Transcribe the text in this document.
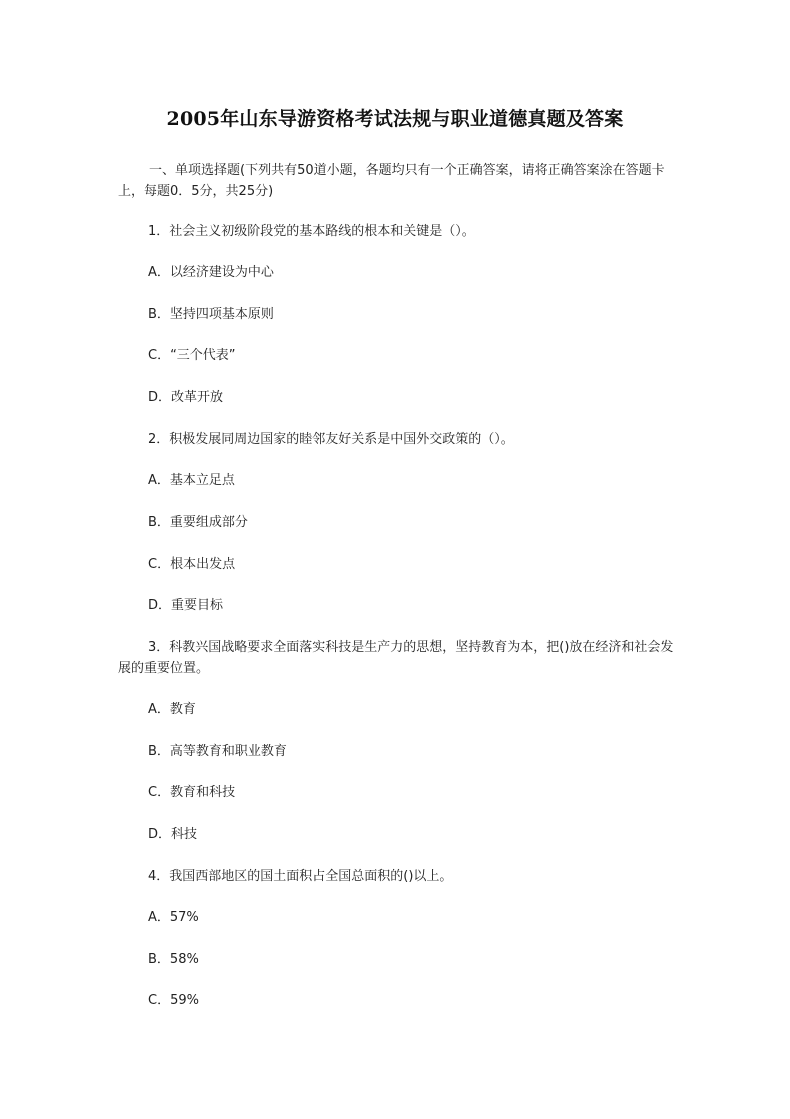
2005年山东导游资格考试法规与职业道德真题及答案
一、单项选择题(下列共有50道小题，各题均只有一个正确答案，请将正确答案涂在答题卡上，每题0．5分，共25分)
1．社会主义初级阶段党的基本路线的根本和关键是（）。
A．以经济建设为中心
B．坚持四项基本原则
C．“三个代表”
D．改革开放
2．积极发展同周边国家的睦邻友好关系是中国外交政策的（）。
A．基本立足点
B．重要组成部分
C．根本出发点
D．重要目标
3．科教兴国战略要求全面落实科技是生产力的思想，坚持教育为本，把()放在经济和社会发展的重要位置。
A．教育
B．高等教育和职业教育
C．教育和科技
D．科技
4．我国西部地区的国土面积占全国总面积的()以上。
A．57%
B．58%
C．59%
